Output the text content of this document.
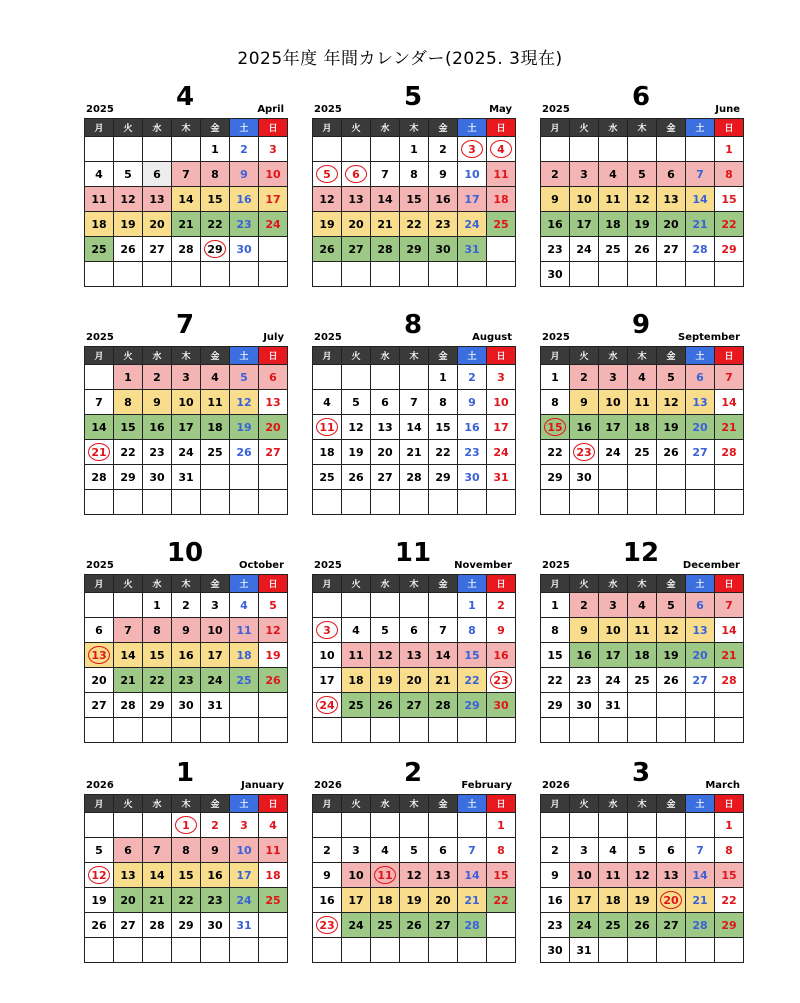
2025年度 年間カレンダー(2025. 3現在)
2025	4	April
月	火	水	木	金	土	日
				1	2	3
4	5	6	7	8	9	10
11	12	13	14	15	16	17
18	19	20	21	22	23	24
25	26	27	28	29	30	

2025	5	May
月	火	水	木	金	土	日
			1	2	3	4
5	6	7	8	9	10	11
12	13	14	15	16	17	18
19	20	21	22	23	24	25
26	27	28	29	30	31	

2025	6	June
月	火	水	木	金	土	日
						1
2	3	4	5	6	7	8
9	10	11	12	13	14	15
16	17	18	19	20	21	22
23	24	25	26	27	28	29
30						
2025	7	July
月	火	水	木	金	土	日
	1	2	3	4	5	6
7	8	9	10	11	12	13
14	15	16	17	18	19	20
21	22	23	24	25	26	27
28	29	30	31			

2025	8	August
月	火	水	木	金	土	日
				1	2	3
4	5	6	7	8	9	10
11	12	13	14	15	16	17
18	19	20	21	22	23	24
25	26	27	28	29	30	31

2025	9	September
月	火	水	木	金	土	日
1	2	3	4	5	6	7
8	9	10	11	12	13	14
15	16	17	18	19	20	21
22	23	24	25	26	27	28
29	30					

2025	10	October
月	火	水	木	金	土	日
		1	2	3	4	5
6	7	8	9	10	11	12
13	14	15	16	17	18	19
20	21	22	23	24	25	26
27	28	29	30	31		

2025	11	November
月	火	水	木	金	土	日
					1	2
3	4	5	6	7	8	9
10	11	12	13	14	15	16
17	18	19	20	21	22	23
24	25	26	27	28	29	30

2025	12	December
月	火	水	木	金	土	日
1	2	3	4	5	6	7
8	9	10	11	12	13	14
15	16	17	18	19	20	21
22	23	24	25	26	27	28
29	30	31				

2026	1	January
月	火	水	木	金	土	日
			1	2	3	4
5	6	7	8	9	10	11
12	13	14	15	16	17	18
19	20	21	22	23	24	25
26	27	28	29	30	31	

2026	2	February
月	火	水	木	金	土	日
						1
2	3	4	5	6	7	8
9	10	11	12	13	14	15
16	17	18	19	20	21	22
23	24	25	26	27	28	

2026	3	March
月	火	水	木	金	土	日
						1
2	3	4	5	6	7	8
9	10	11	12	13	14	15
16	17	18	19	20	21	22
23	24	25	26	27	28	29
30	31					
